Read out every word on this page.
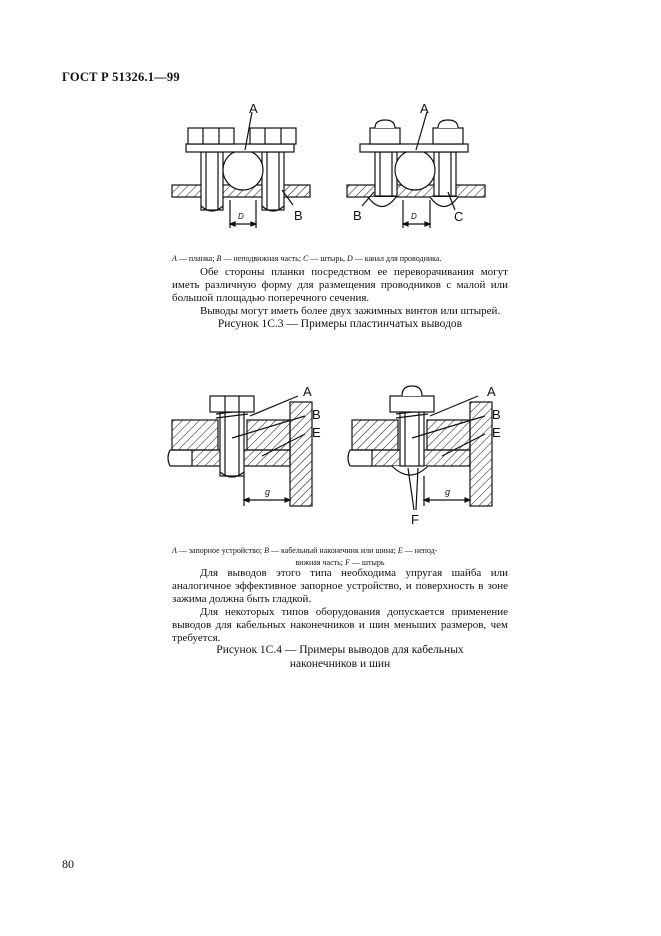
ГОСТ Р 51326.1—99
A
B
D
A
B	C
D
A — планка; B — неподвижная часть; C — штырь, D — канал для проводника.
Обе стороны планки посредством ее переворачивания могут иметь различную форму для размещения проводников с малой или большой площадью поперечного сечения.
Выводы могут иметь более двух зажимных винтов или штырей.
Рисунок 1С.3 — Примеры пластинчатых выводов
A
B
E
g
A
B
E
g
F
A — запорное устройство; B — кабельный наконечник или шина; E — непод-
вижная часть; F — штырь
Для выводов этого типа необходима упругая шайба или аналогичное эффективное запорное устройство, и поверхность в зоне зажима должна быть гладкой.
Для некоторых типов оборудования допускается применение выводов для кабельных наконечников и шин меньших размеров, чем требуется.
Рисунок 1С.4 — Примеры выводов для кабельных наконечников и шин
80
